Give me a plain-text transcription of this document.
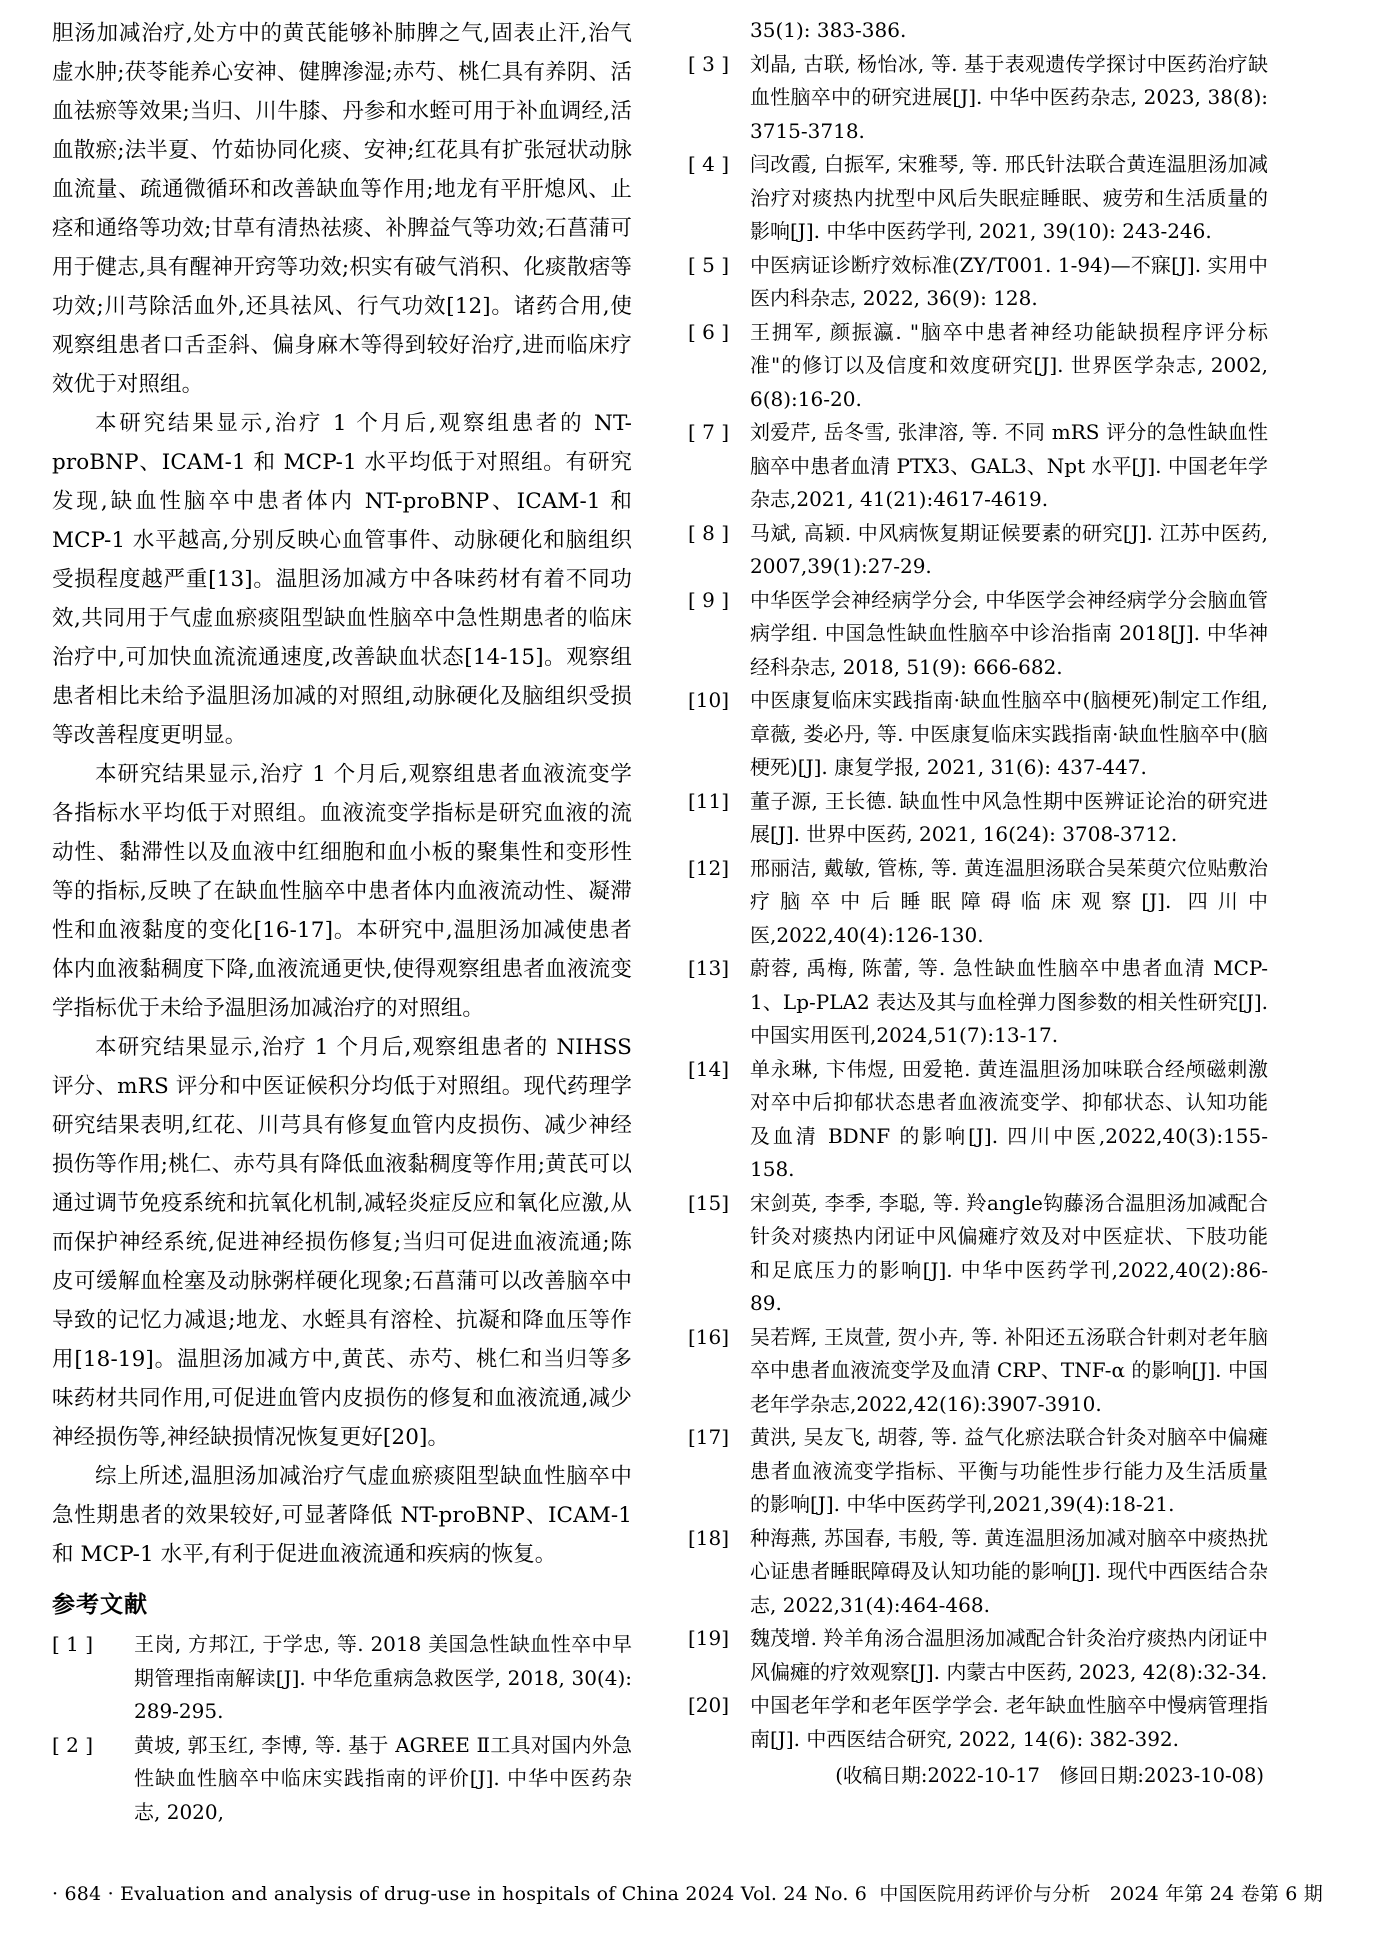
胆汤加减治疗,处方中的黄芪能够补肺脾之气,固表止汗,治气虚水肿;茯苓能养心安神、健脾渗湿;赤芍、桃仁具有养阴、活血祛瘀等效果;当归、川牛膝、丹参和水蛭可用于补血调经,活血散瘀;法半夏、竹茹协同化痰、安神;红花具有扩张冠状动脉血流量、疏通微循环和改善缺血等作用;地龙有平肝熄风、止痉和通络等功效;甘草有清热祛痰、补脾益气等功效;石菖蒲可用于健志,具有醒神开窍等功效;枳实有破气消积、化痰散痞等功效;川芎除活血外,还具祛风、行气功效[12]。诸药合用,使观察组患者口舌歪斜、偏身麻木等得到较好治疗,进而临床疗效优于对照组。

本研究结果显示,治疗 1 个月后,观察组患者的 NT-proBNP、ICAM-1 和 MCP-1 水平均低于对照组。有研究发现,缺血性脑卒中患者体内 NT-proBNP、ICAM-1 和 MCP-1 水平越高,分别反映心血管事件、动脉硬化和脑组织受损程度越严重[13]。温胆汤加减方中各味药材有着不同功效,共同用于气虚血瘀痰阻型缺血性脑卒中急性期患者的临床治疗中,可加快血流流通速度,改善缺血状态[14-15]。观察组患者相比未给予温胆汤加减的对照组,动脉硬化及脑组织受损等改善程度更明显。

本研究结果显示,治疗 1 个月后,观察组患者血液流变学各指标水平均低于对照组。血液流变学指标是研究血液的流动性、黏滞性以及血液中红细胞和血小板的聚集性和变形性等的指标,反映了在缺血性脑卒中患者体内血液流动性、凝滞性和血液黏度的变化[16-17]。本研究中,温胆汤加减使患者体内血液黏稠度下降,血液流通更快,使得观察组患者血液流变学指标优于未给予温胆汤加减治疗的对照组。

本研究结果显示,治疗 1 个月后,观察组患者的 NIHSS 评分、mRS 评分和中医证候积分均低于对照组。现代药理学研究结果表明,红花、川芎具有修复血管内皮损伤、减少神经损伤等作用;桃仁、赤芍具有降低血液黏稠度等作用;黄芪可以通过调节免疫系统和抗氧化机制,减轻炎症反应和氧化应激,从而保护神经系统,促进神经损伤修复;当归可促进血液流通;陈皮可缓解血栓塞及动脉粥样硬化现象;石菖蒲可以改善脑卒中导致的记忆力减退;地龙、水蛭具有溶栓、抗凝和降血压等作用[18-19]。温胆汤加减方中,黄芪、赤芍、桃仁和当归等多味药材共同作用,可促进血管内皮损伤的修复和血液流通,减少神经损伤等,神经缺损情况恢复更好[20]。

综上所述,温胆汤加减治疗气虚血瘀痰阻型缺血性脑卒中急性期患者的效果较好,可显著降低 NT-proBNP、ICAM-1 和 MCP-1 水平,有利于促进血液流通和疾病的恢复。

参考文献
[ 1 ]	王岗, 方邦江, 于学忠, 等. 2018 美国急性缺血性卒中早期管理指南解读[J]. 中华危重病急救医学, 2018, 30(4): 289-295.
[ 2 ]	黄坡, 郭玉红, 李博, 等. 基于 AGREE Ⅱ工具对国内外急性缺血性脑卒中临床实践指南的评价[J]. 中华中医药杂志, 2020,
35(1): 383-386.
[ 3 ]	刘晶, 古联, 杨怡冰, 等. 基于表观遗传学探讨中医药治疗缺血性脑卒中的研究进展[J]. 中华中医药杂志, 2023, 38(8): 3715-3718.
[ 4 ]	闫改霞, 白振军, 宋雅琴, 等. 邢氏针法联合黄连温胆汤加减治疗对痰热内扰型中风后失眠症睡眠、疲劳和生活质量的影响[J]. 中华中医药学刊, 2021, 39(10): 243-246.
[ 5 ]	中医病证诊断疗效标准(ZY/T001. 1-94)—不寐[J]. 实用中医内科杂志, 2022, 36(9): 128.
[ 6 ]	王拥军, 颜振瀛. "脑卒中患者神经功能缺损程序评分标准"的修订以及信度和效度研究[J]. 世界医学杂志, 2002, 6(8):16-20.
[ 7 ]	刘爱芹, 岳冬雪, 张津溶, 等. 不同 mRS 评分的急性缺血性脑卒中患者血清 PTX3、GAL3、Npt 水平[J]. 中国老年学杂志,2021, 41(21):4617-4619.
[ 8 ]	马斌, 高颖. 中风病恢复期证候要素的研究[J]. 江苏中医药, 2007,39(1):27-29.
[ 9 ]	中华医学会神经病学分会, 中华医学会神经病学分会脑血管病学组. 中国急性缺血性脑卒中诊治指南 2018[J]. 中华神经科杂志, 2018, 51(9): 666-682.
[10]	中医康复临床实践指南·缺血性脑卒中(脑梗死)制定工作组, 章薇, 娄必丹, 等. 中医康复临床实践指南·缺血性脑卒中(脑梗死)[J]. 康复学报, 2021, 31(6): 437-447.
[11]	董子源, 王长德. 缺血性中风急性期中医辨证论治的研究进展[J]. 世界中医药, 2021, 16(24): 3708-3712.
[12]	邢丽洁, 戴敏, 管栋, 等. 黄连温胆汤联合吴茱萸穴位贴敷治疗脑卒中后睡眠障碍临床观察[J]. 四川中医,2022,40(4):126-130.
[13]	蔚蓉, 禹梅, 陈蕾, 等. 急性缺血性脑卒中患者血清 MCP-1、Lp-PLA2 表达及其与血栓弹力图参数的相关性研究[J]. 中国实用医刊,2024,51(7):13-17.
[14]	单永琳, 卞伟煜, 田爱艳. 黄连温胆汤加味联合经颅磁刺激对卒中后抑郁状态患者血液流变学、抑郁状态、认知功能及血清 BDNF 的影响[J]. 四川中医,2022,40(3):155-158.
[15]	宋剑英, 李季, 李聪, 等. 羚angle钩藤汤合温胆汤加减配合针灸对痰热内闭证中风偏瘫疗效及对中医症状、下肢功能和足底压力的影响[J]. 中华中医药学刊,2022,40(2):86-89.
[16]	吴若辉, 王岚萱, 贺小卉, 等. 补阳还五汤联合针刺对老年脑卒中患者血液流变学及血清 CRP、TNF-α 的影响[J]. 中国老年学杂志,2022,42(16):3907-3910.
[17]	黄洪, 吴友飞, 胡蓉, 等. 益气化瘀法联合针灸对脑卒中偏瘫患者血液流变学指标、平衡与功能性步行能力及生活质量的影响[J]. 中华中医药学刊,2021,39(4):18-21.
[18]	种海燕, 苏国春, 韦般, 等. 黄连温胆汤加减对脑卒中痰热扰心证患者睡眠障碍及认知功能的影响[J]. 现代中西医结合杂志, 2022,31(4):464-468.
[19]	魏茂增. 羚羊角汤合温胆汤加减配合针灸治疗痰热内闭证中风偏瘫的疗效观察[J]. 内蒙古中医药, 2023, 42(8):32-34.
[20]	中国老年学和老年医学学会. 老年缺血性脑卒中慢病管理指南[J]. 中西医结合研究, 2022, 14(6): 382-392.
(收稿日期:2022-10-17　修回日期:2023-10-08)
· 684 · Evaluation and analysis of drug-use in hospitals of China 2024 Vol. 24 No. 6 中国医院用药评价与分析　2024 年第 24 卷第 6 期
